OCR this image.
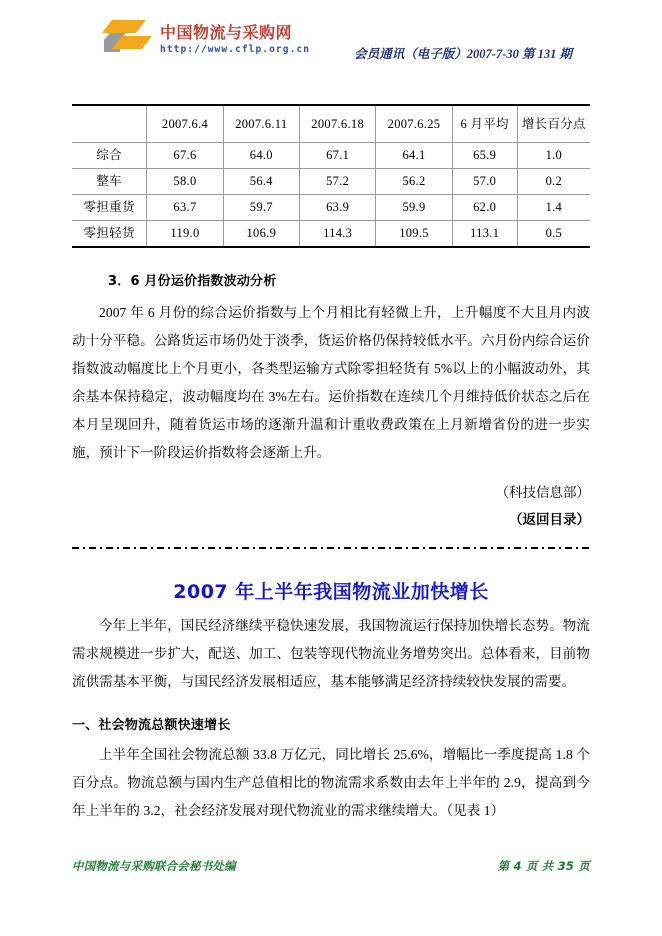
中国物流与采购网
http://www.cflp.org.cn	会员通讯（电子版）2007-7-30 第 131 期
	2007.6.4	2007.6.11	2007.6.18	2007.6.25	6 月平均	增长百分点
综合	67.6	64.0	67.1	64.1	65.9	1.0
整车	58.0	56.4	57.2	56.2	57.0	0.2
零担重货	63.7	59.7	63.9	59.9	62.0	1.4
零担轻货	119.0	106.9	114.3	109.5	113.1	0.5
3．6 月份运价指数波动分析

2007 年 6 月份的综合运价指数与上个月相比有轻微上升，上升幅度不大且月内波动十分平稳。公路货运市场仍处于淡季，货运价格仍保持较低水平。六月份内综合运价指数波动幅度比上个月更小，各类型运输方式除零担轻货有 5%以上的小幅波动外，其余基本保持稳定，波动幅度均在 3%左右。运价指数在连续几个月维持低价状态之后在本月呈现回升，随着货运市场的逐渐升温和计重收费政策在上月新增省份的进一步实施，预计下一阶段运价指数将会逐渐上升。

（科技信息部）

（返回目录）

2007 年上半年我国物流业加快增长

今年上半年，国民经济继续平稳快速发展，我国物流运行保持加快增长态势。物流需求规模进一步扩大，配送、加工、包装等现代物流业务增势突出。总体看来，目前物流供需基本平衡，与国民经济发展相适应，基本能够满足经济持续较快发展的需要。

一、社会物流总额快速增长

上半年全国社会物流总额 33.8 万亿元，同比增长 25.6%，增幅比一季度提高 1.8 个百分点。物流总额与国内生产总值相比的物流需求系数由去年上半年的 2.9，提高到今年上半年的 3.2，社会经济发展对现代物流业的需求继续增大。（见表 1）

中国物流与采购联合会秘书处编	第 4 页 共 35 页
